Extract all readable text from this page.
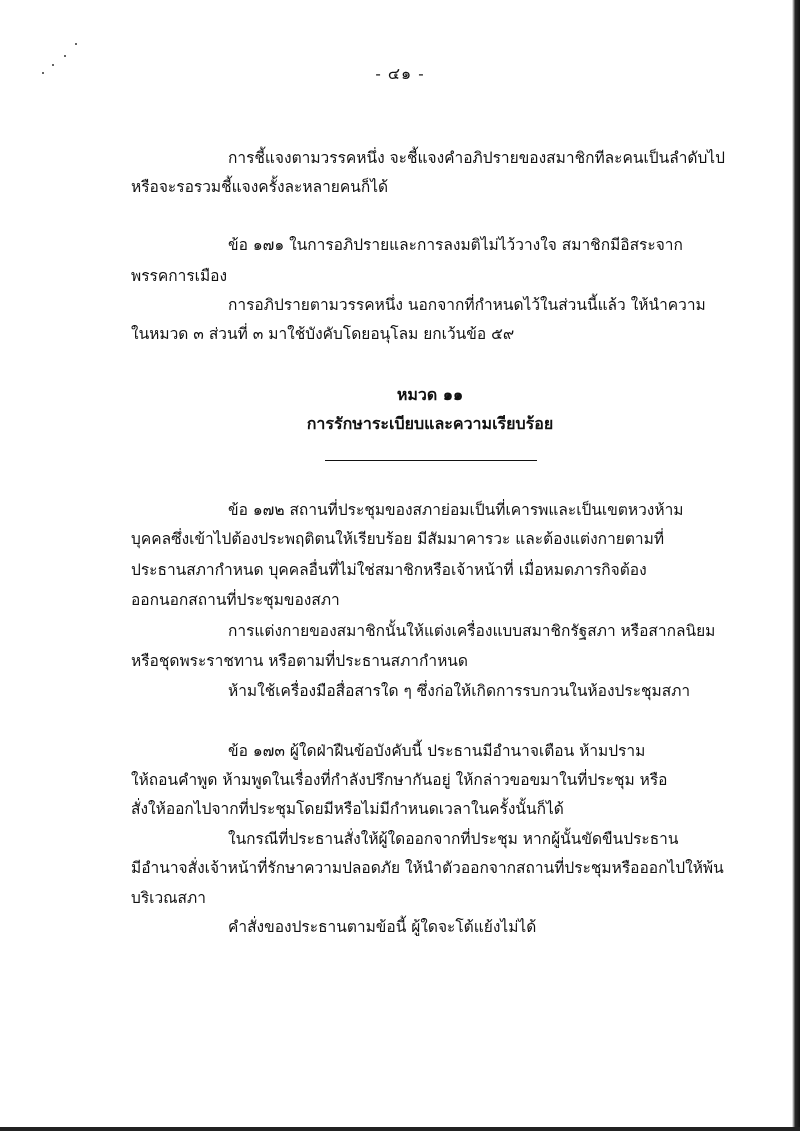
- ๔๑ -
การชี้แจงตามวรรคหนึ่ง จะชี้แจงคำอภิปรายของสมาชิกทีละคนเป็นลำดับไป
หรือจะรอรวมชี้แจงครั้งละหลายคนก็ได้
ข้อ ๑๗๑ ในการอภิปรายและการลงมติไม่ไว้วางใจ สมาชิกมีอิสระจาก
พรรคการเมือง
การอภิปรายตามวรรคหนึ่ง นอกจากที่กำหนดไว้ในส่วนนี้แล้ว ให้นำความ
ในหมวด ๓ ส่วนที่ ๓ มาใช้บังคับโดยอนุโลม ยกเว้นข้อ ๕๙
หมวด ๑๑
การรักษาระเบียบและความเรียบร้อย
ข้อ ๑๗๒ สถานที่ประชุมของสภาย่อมเป็นที่เคารพและเป็นเขตหวงห้าม
บุคคลซึ่งเข้าไปต้องประพฤติตนให้เรียบร้อย มีสัมมาคารวะ และต้องแต่งกายตามที่
ประธานสภากำหนด บุคคลอื่นที่ไม่ใช่สมาชิกหรือเจ้าหน้าที่ เมื่อหมดภารกิจต้อง
ออกนอกสถานที่ประชุมของสภา
การแต่งกายของสมาชิกนั้นให้แต่งเครื่องแบบสมาชิกรัฐสภา หรือสากลนิยม
หรือชุดพระราชทาน หรือตามที่ประธานสภากำหนด
ห้ามใช้เครื่องมือสื่อสารใด ๆ ซึ่งก่อให้เกิดการรบกวนในห้องประชุมสภา
ข้อ ๑๗๓ ผู้ใดฝ่าฝืนข้อบังคับนี้ ประธานมีอำนาจเตือน ห้ามปราม
ให้ถอนคำพูด ห้ามพูดในเรื่องที่กำลังปรึกษากันอยู่ ให้กล่าวขอขมาในที่ประชุม หรือ
สั่งให้ออกไปจากที่ประชุมโดยมีหรือไม่มีกำหนดเวลาในครั้งนั้นก็ได้
ในกรณีที่ประธานสั่งให้ผู้ใดออกจากที่ประชุม หากผู้นั้นขัดขืนประธาน
มีอำนาจสั่งเจ้าหน้าที่รักษาความปลอดภัย ให้นำตัวออกจากสถานที่ประชุมหรือออกไปให้พ้น
บริเวณสภา
คำสั่งของประธานตามข้อนี้ ผู้ใดจะโต้แย้งไม่ได้
